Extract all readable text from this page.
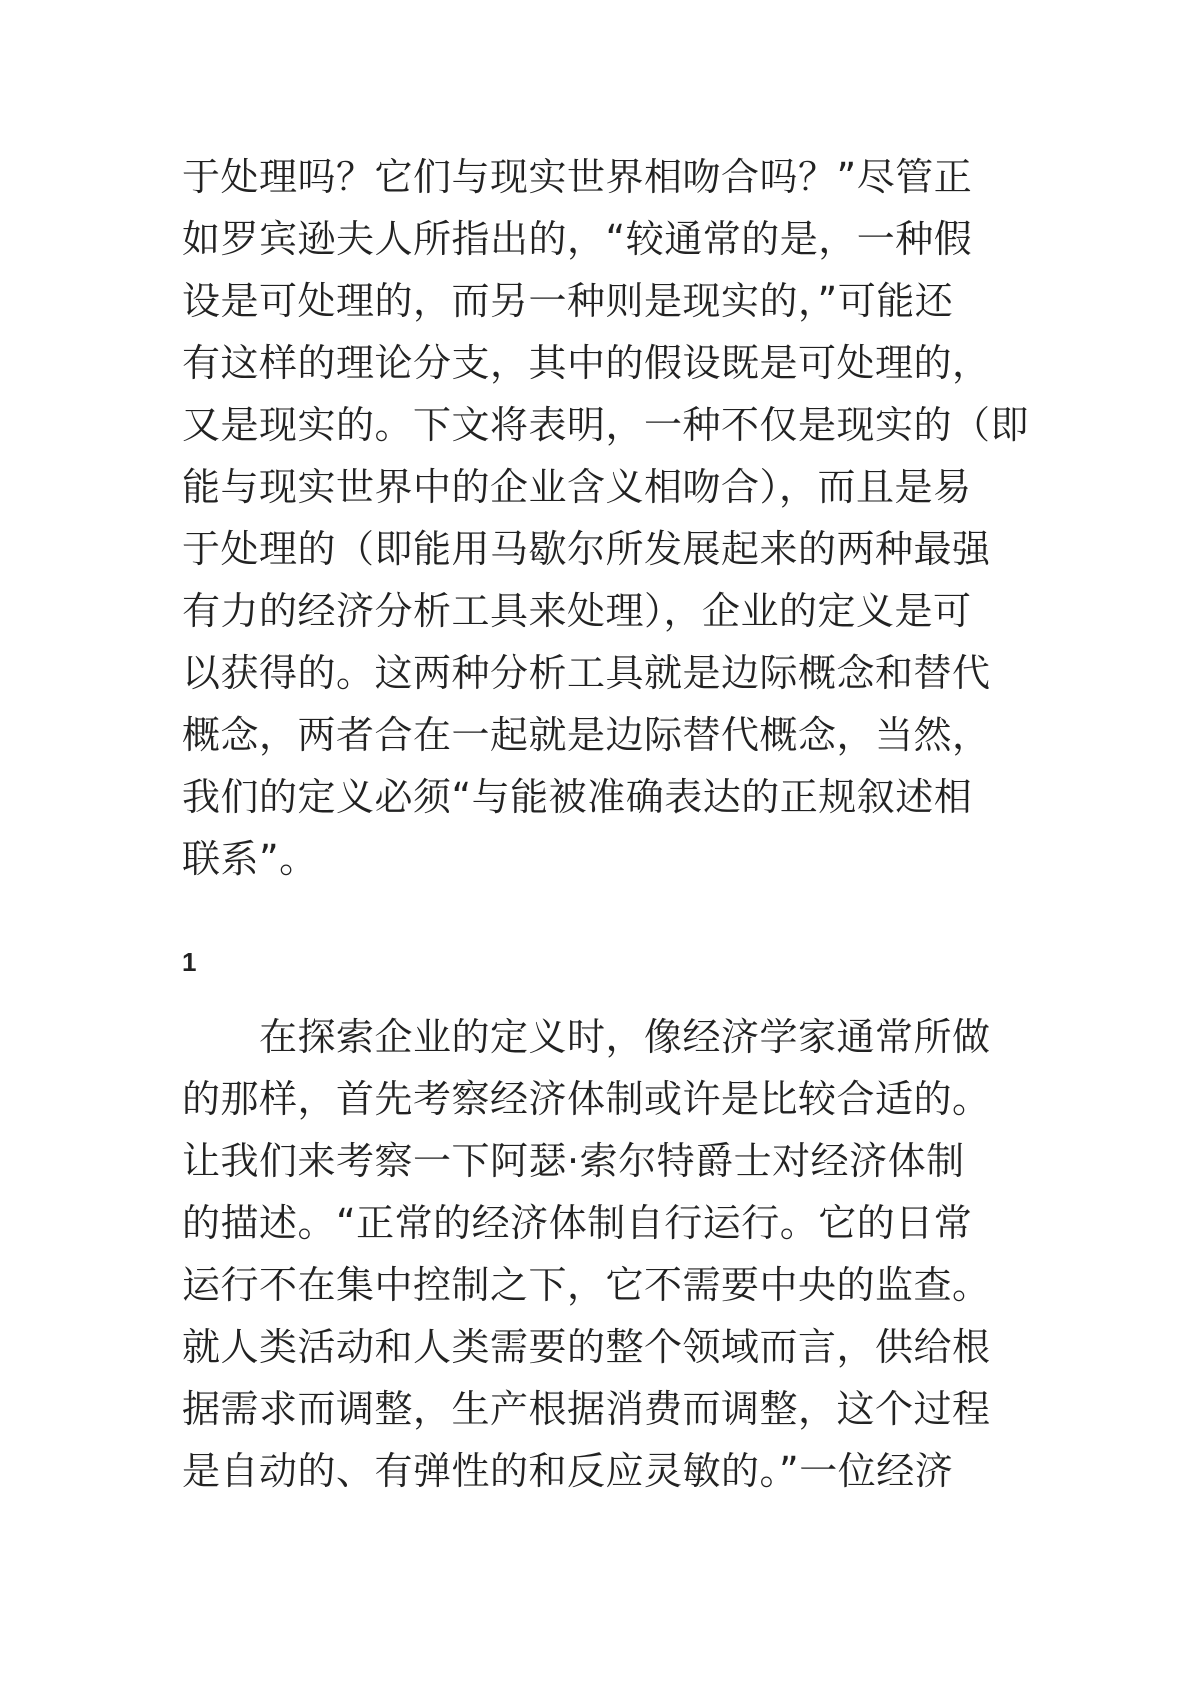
于处理吗？它们与现实世界相吻合吗？”尽管正
如罗宾逊夫人所指出的，“较通常的是，一种假
设是可处理的，而另一种则是现实的，”可能还
有这样的理论分支，其中的假设既是可处理的，
又是现实的。下文将表明，一种不仅是现实的（即
能与现实世界中的企业含义相吻合），而且是易
于处理的（即能用马歇尔所发展起来的两种最强
有力的经济分析工具来处理），企业的定义是可
以获得的。这两种分析工具就是边际概念和替代
概念，两者合在一起就是边际替代概念，当然，
我们的定义必须“与能被准确表达的正规叙述相
联系”。
1
　　在探索企业的定义时，像经济学家通常所做
的那样，首先考察经济体制或许是比较合适的。
让我们来考察一下阿瑟·索尔特爵士对经济体制
的描述。“正常的经济体制自行运行。它的日常
运行不在集中控制之下，它不需要中央的监查。
就人类活动和人类需要的整个领域而言，供给根
据需求而调整，生产根据消费而调整，这个过程
是自动的、有弹性的和反应灵敏的。”一位经济
